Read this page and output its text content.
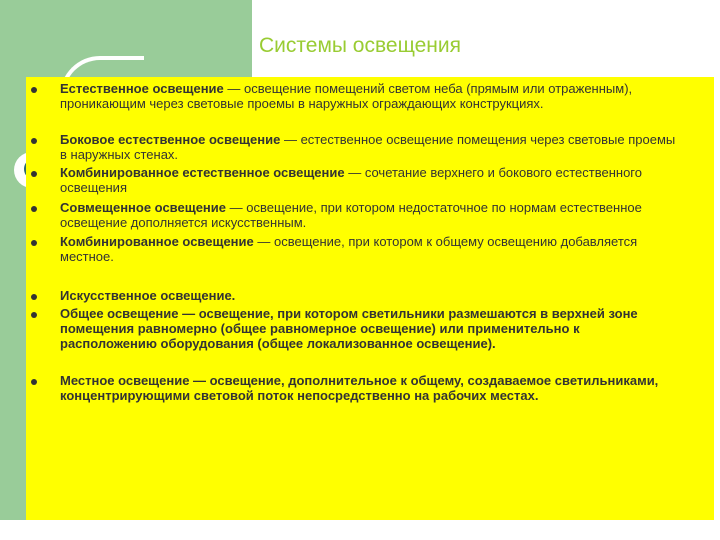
Системы освещения
Естественное освещение — освещение помещений светом неба (прямым или отраженным), проникающим через световые проемы в наружных ограждающих конструкциях.
Боковое естественное освещение — естественное освещение помещения через световые проемы в наружных стенах.
Комбинированное естественное освещение — сочетание верхнего и бокового естественного освещения
Совмещенное освещение — освещение, при котором недостаточное по нормам естественное освещение дополняется искусственным.
Комбинированное освещение — освещение, при котором к общему освещению добавляется местное.
Искусственное освещение.
Общее освещение — освещение, при котором светильники размешаются в верхней зоне помещения равномерно (общее равномерное освещение) или применительно к расположению оборудования (общее локализованное освещение).
Местное освещение — освещение, дополнительное к общему, создаваемое светильниками, концентрирующими световой поток непосредственно на рабочих местах.
